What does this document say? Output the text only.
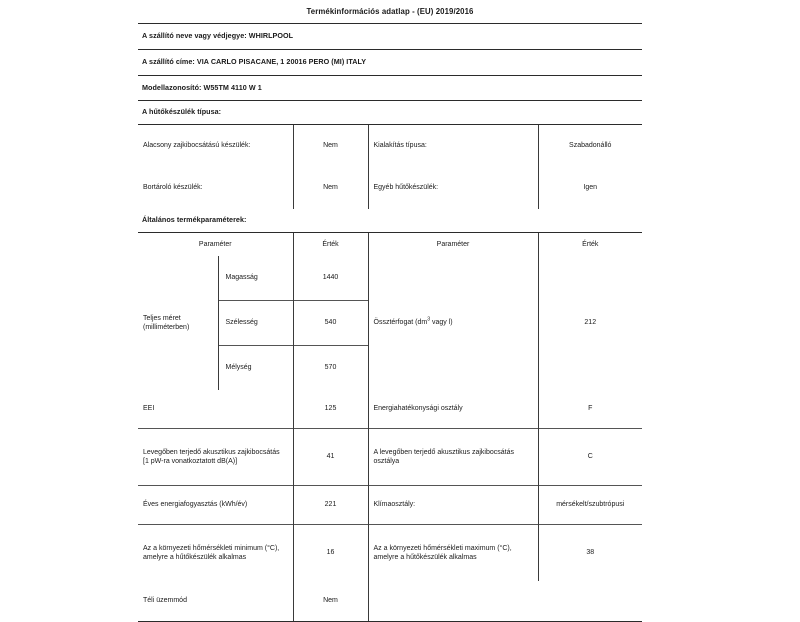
Termékinformációs adatlap - (EU) 2019/2016
A szállító neve vagy védjegye: WHIRLPOOL
A szállító címe: VIA CARLO PISACANE, 1 20016 PERO (MI) ITALY
Modellazonosító: W55TM 4110 W 1
A hűtőkészülék típusa:
Alacsony zajkibocsátású készülék:	Nem	Kialakítás típusa:	Szabadonálló
Bortároló készülék:	Nem	Egyéb hűtőkészülék:	Igen
Általános termékparaméterek:
Paraméter		Érték	Paraméter	Érték
Teljes méret
(milliméterben)	Magasság	1440	Össztérfogat ($dm^3$ vagy l)	212
	Szélesség	540		
	Mélység	570		
EEI		125	Energiahatékonysági osztály	F
Levegőben terjedő akusztikus zajkibocsátás [1 pW-ra vonatkoztatott dB(A)]		41	A levegőben terjedő akusztikus zajkibocsátás osztálya	C
Éves energiafogyasztás (kWh/év)		221	Klímaosztály:	mérsékelt/szubtrópusi
Az a környezeti hőmérsékleti minimum (°C), amelyre a hűtőkészülék alkalmas		16	Az a környezeti hőmérsékleti maximum (°C), amelyre a hűtőkészülék alkalmas	38
Téli üzemmód		Nem		
